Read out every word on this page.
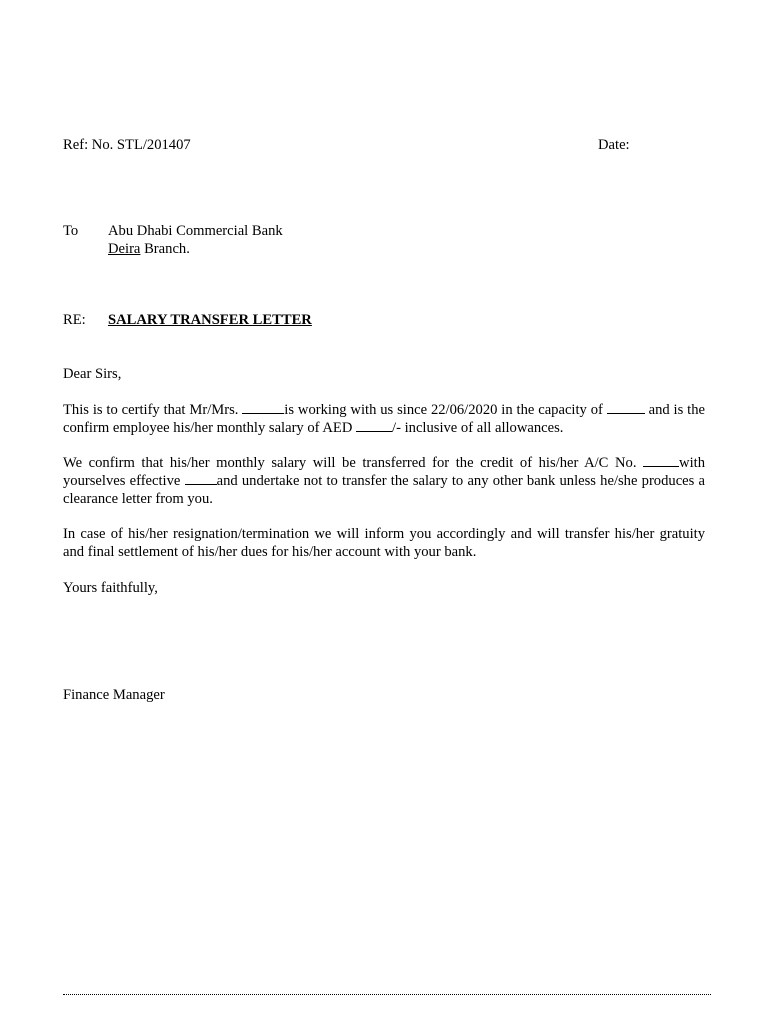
Ref: No. STL/201407	Date:
To Abu Dhabi Commercial Bank
Deira Branch.
RE: SALARY TRANSFER LETTER
Dear Sirs,
This is to certify that Mr/Mrs.	is working with us since 22/06/2020 in the capacity of	and is the confirm employee his/her monthly salary of AED /- inclusive of all allowances.
We confirm that his/her monthly salary will be transferred for the credit of his/her A/C No. with yourselves effective and undertake not to transfer the salary to any other bank unless he/she produces a clearance letter from you.
In case of his/her resignation/termination we will inform you accordingly and will transfer his/her gratuity and final settlement of his/her dues for his/her account with your bank.
Yours faithfully,
Finance Manager
